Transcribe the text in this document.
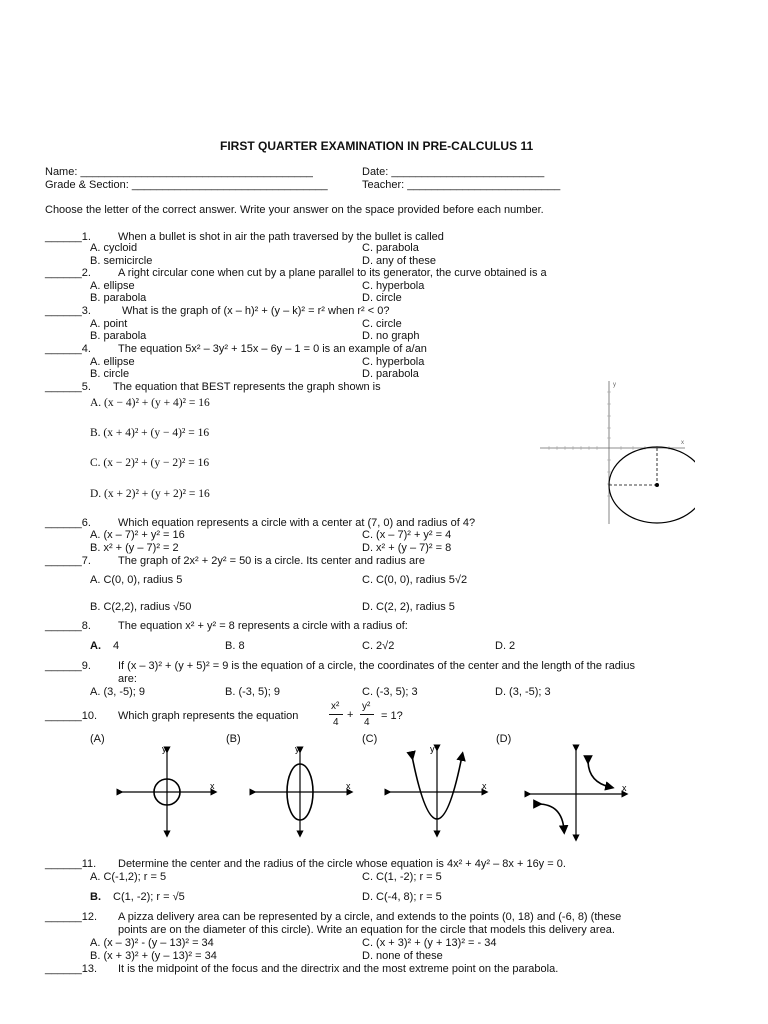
FIRST QUARTER EXAMINATION IN PRE-CALCULUS 11
Name: ______________________________________	Date: _________________________
Grade & Section: ________________________________	Teacher: _________________________
Choose the letter of the correct answer. Write your answer on the space provided before each number.
______1. When a bullet is shot in air the path traversed by the bullet is called
A. cycloid	C. parabola
B. semicircle	D. any of these
______2. A right circular cone when cut by a plane parallel to its generator, the curve obtained is a
A. ellipse	C. hyperbola
B. parabola	D. circle
______3.	What is the graph of (x – h)² + (y – k)² = r² when r² < 0?
A. point	C. circle
B. parabola	D. no graph
______4. The equation 5x² – 3y² + 15x – 6y – 1 = 0 is an example of a/an
A. ellipse	C. hyperbola
B. circle	D. parabola
______5. The equation that BEST represents the graph shown is
A. (x − 4)² + (y + 4)² = 16
B. (x + 4)² + (y − 4)² = 16
C. (x − 2)² + (y − 2)² = 16
D. (x + 2)² + (y + 2)² = 16
y
x
______6. Which equation represents a circle with a center at (7, 0) and radius of 4?
A. (x – 7)² + y² = 16	C. (x – 7)² + y² = 4
B. x² + (y – 7)² = 2	D. x² + (y – 7)² = 8
______7. The graph of 2x² + 2y² = 50 is a circle. Its center and radius are
A. C(0, 0), radius 5	C. C(0, 0), radius 5√2
B. C(2,2), radius √50	D. C(2, 2), radius 5
______8. The equation x² + y² = 8 represents a circle with a radius of:
A. 4	B. 8	C. 2√2	D. 2
______9. If (x – 3)² + (y + 5)² = 9 is the equation of a circle, the coordinates of the center and the length of the radius
are:
A. (3, -5); 9	B. (-3, 5); 9	C. (-3, 5); 3	D. (3, -5); 3
______10. Which graph represents the equation
x²
4
+
y²
4
= 1?
(A)	(B)	(C)	(D)
y
x
y
x
y
x	x
______11. Determine the center and the radius of the circle whose equation is 4x² + 4y² – 8x + 16y = 0.
A. C(-1,2); r = 5	C. C(1, -2); r = 5
B. C(1, -2); r = √5	D. C(-4, 8); r = 5
______12. A pizza delivery area can be represented by a circle, and extends to the points (0, 18) and (-6, 8) (these
points are on the diameter of this circle). Write an equation for the circle that models this delivery area.
A. (x – 3)² - (y – 13)² = 34	C. (x + 3)² + (y + 13)² = - 34
B. (x + 3)² + (y – 13)² = 34	D. none of these
______13. It is the midpoint of the focus and the directrix and the most extreme point on the parabola.
